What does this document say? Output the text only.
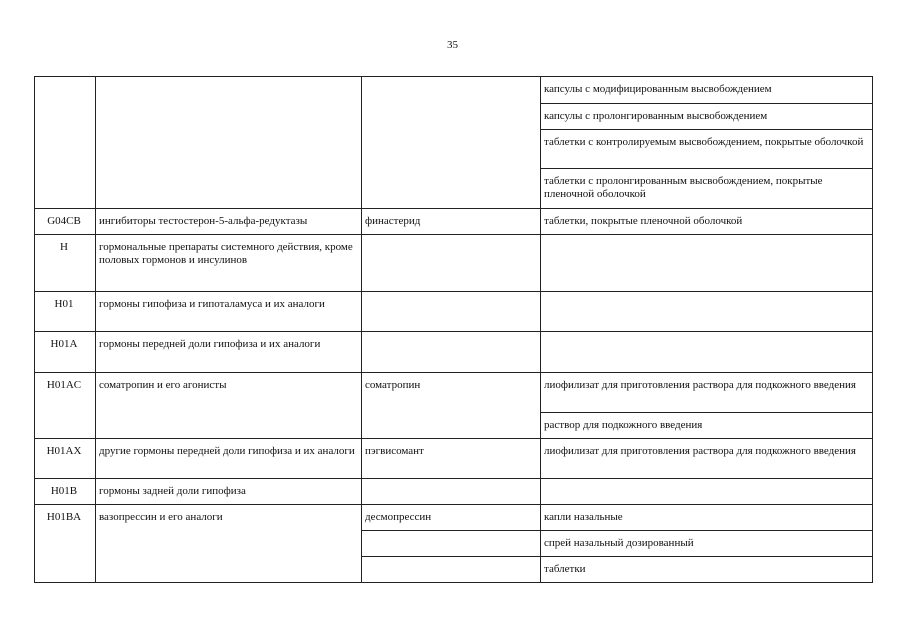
35
			капсулы с модифицированным высвобождением
			капсулы с пролонгированным высвобождением
			таблетки с контролируемым высвобождением, покрытые оболочкой
			таблетки с пролонгированным высвобождением, покрытые пленочной оболочкой
G04CB	ингибиторы тестостерон-5-альфа-редуктазы	финастерид	таблетки, покрытые пленочной оболочкой
H	гормональные препараты системного действия, кроме половых гормонов и инсулинов		
H01	гормоны гипофиза и гипоталамуса и их аналоги		
H01A	гормоны передней доли гипофиза и их аналоги		
H01AC	соматропин и его агонисты	соматропин	лиофилизат для приготовления раствора для подкожного введения
			раствор для подкожного введения
H01AX	другие гормоны передней доли гипофиза и их аналоги	пэгвисомант	лиофилизат для приготовления раствора для подкожного введения
H01B	гормоны задней доли гипофиза		
H01BA	вазопрессин и его аналоги	десмопрессин	капли назальные
			спрей назальный дозированный
			таблетки
